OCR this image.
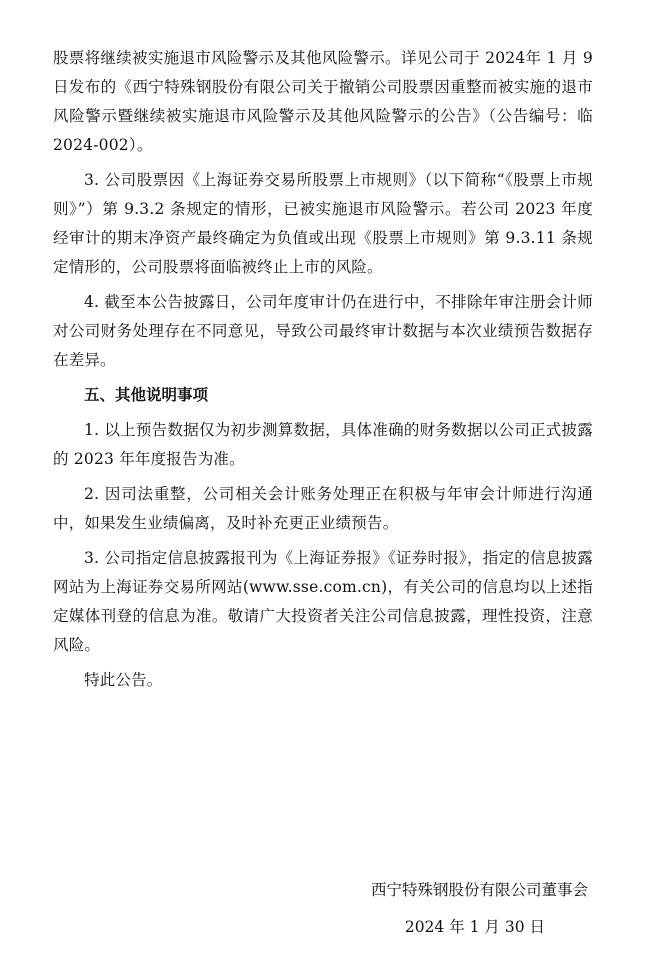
股票将继续被实施退市风险警示及其他风险警示。详见公司于 2024年 1 月 9 日发布的《西宁特殊钢股份有限公司关于撤销公司股票因重整而被实施的退市风险警示暨继续被实施退市风险警示及其他风险警示的公告》（公告编号：临 2024-002）。

3. 公司股票因《上海证券交易所股票上市规则》（以下简称“《股票上市规则》”）第 9.3.2 条规定的情形，已被实施退市风险警示。若公司 2023 年度经审计的期末净资产最终确定为负值或出现《股票上市规则》第 9.3.11 条规定情形的，公司股票将面临被终止上市的风险。

4. 截至本公告披露日，公司年度审计仍在进行中，不排除年审注册会计师对公司财务处理存在不同意见，导致公司最终审计数据与本次业绩预告数据存在差异。

五、其他说明事项

1. 以上预告数据仅为初步测算数据，具体准确的财务数据以公司正式披露的 2023 年年度报告为准。

2. 因司法重整，公司相关会计账务处理正在积极与年审会计师进行沟通中，如果发生业绩偏离，及时补充更正业绩预告。

3. 公司指定信息披露报刊为《上海证券报》《证券时报》，指定的信息披露网站为上海证券交易所网站(www.sse.com.cn)，有关公司的信息均以上述指定媒体刊登的信息为准。敬请广大投资者关注公司信息披露，理性投资，注意风险。

特此公告。

西宁特殊钢股份有限公司董事会
2024 年 1 月 30 日
